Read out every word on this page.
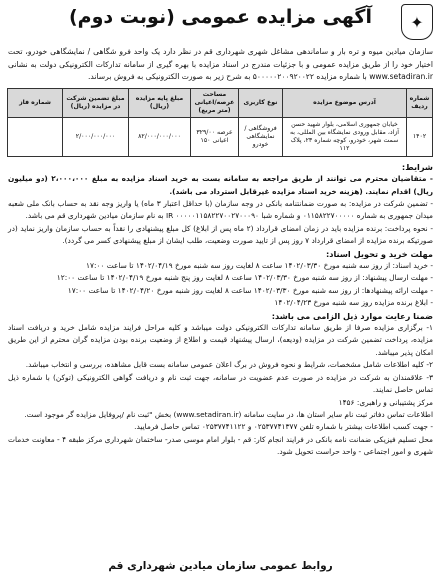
✦
آگهی مزایده عمومی (نوبت دوم)
سازمان میادین میوه و تره بار و ساماندهی مشاغل شهری شهرداری قم در نظر دارد یک واحد فرو شگاهی / نمایشگاهی خودرو، تحت اختیار خود را از طریق مزایده عمومی و با جزئیات مندرج در اسناد مزایده با بهره گیری از سامانه تدارکات الکترونیکی دولت به نشانی www.setadiran.ir با شماره مزایده ۵۰۰۰۰۰۲۰۰۹۲۰۰۲۲ به شرح زیر به صورت الکترونیکی به فروش برساند.
شماره ردیف	آدرس موضوع مزایده	نوع کاربری	مساحت عرصه/اعیانی (متر مربع)	مبلغ پایه مزایده (ریال)	مبلغ تضمین شرکت در مزایده (ریال)	شماره فاز
۱۴۰۲	خیابان جمهوری اسلامی، بلوار شهید حسن آزاد، مقابل ورودی نمایشگاه بین المللی، به سمت شهر، خودرو، کوچه شماره ۲۳، پلاک ۱۱۲	فروشگاهی / نمایشگاهی خودرو	عرصه ۳۲۹/۰۰ اعیانی ۱۵۰	۸۲/۰۰۰/۰۰۰/۰۰۰	۲/۰۰۰/۰۰۰/۰۰۰	

شرایط:

- متقاضیان محترم می توانند از طریق مراجعه به سامانه بست به خرید اسناد مزایده به مبلغ ۲،۰۰۰،۰۰۰ (دو میلیون ریال) اقدام نمایند. (هزینه خرید اسناد مزایده غیرقابل استرداد می باشد).

- تضمین شرکت در مزایده: به صورت ضمانتنامه بانکی در وجه سازمان (با حداقل اعتبار ۳ ماه) یا واریز وجه نقد به حساب بانک ملی شعبه میدان جمهوری به شماره ۰۱۱۵۸۲۲۷۰۰۰۰۰ و شماره شبا ۰۰۰۰۰۱۱۵۸۲۲۷۰۰۲۷۰۰۰۹۰ IR به نام سازمان میادین شهرداری قم می باشد.

- نحوه پرداخت: برنده مزایده باید در زمان امضای قرارداد (۲ ماه پس از ابلاغ) کل مبلغ پیشنهادی را نقداً به حساب سازمان واریز نماید (در صورتیکه برنده مزایده از امضای قرارداد ۷ روز پس از تایید صورت وضعیت، طلب ایشان از مبلغ پیشنهادی کسر می گردد).

مهلت خرید و تحویل اسناد:

- خرید اسناد: از روز سه شنبه مورخ ۱۴۰۲/۰۳/۳۰ ساعت ۸ لغایت روز سه شنبه مورخ ۱۴۰۲/۰۴/۱۹ تا ساعت ۱۷:۰۰

- مهلت ارسال پیشنهاد: از روز سه شنبه مورخ ۱۴۰۲/۰۳/۳۰ ساعت ۸ لغایت روز پنج شنبه مورخ ۱۴۰۲/۰۴/۱۹ تا ساعت ۱۲:۰۰

- مهلت ارائه پیشنهادها: از روز سه شنبه مورخ ۱۴۰۲/۰۳/۳۰ ساعت ۸ لغایت روز شنبه مورخ ۱۴۰۲/۰۴/۲۰ تا ساعت ۱۷:۰۰

- ابلاغ برنده مزایده روز سه شنبه مورخ ۱۴۰۲/۰۴/۲۳

ضمنا رعایت موارد ذیل الزامی می باشد:

۱- برگزاری مزایده صرفا از طریق سامانه تدارکات الکترونیکی دولت میباشد و کلیه مراحل فرایند مزایده شامل خرید و دریافت اسناد مزایده، پرداخت تضمین شرکت در مزایده (ودیعه)، ارسال پیشنهاد قیمت و اطلاع از وضعیت برنده بودن مزایده گران محترم از این طریق امکان پذیر میباشد.

۲- کلیه اطلاعات شامل مشخصات، شرایط و نحوه فروش در برگ اعلان عمومی سامانه بست قابل مشاهده، بررسی و انتخاب میباشد.

۳- علاقمندان به شرکت در مزایده در صورت عدم عضویت در سامانه، جهت ثبت نام و دریافت گواهی الکترونیکی (توکن) با شماره ذیل تماس حاصل نمایند.

مرکز پشتیبانی و راهبری: ۱۴۵۶

اطلاعات تماس دفاتر ثبت نام سایر استان ها، در سایت سامانه (www.setadiran.ir) بخش "ثبت نام /پروفایل مزایده گر موجود است.

- جهت کسب اطلاعات بیشتر با شماره تلفن ۰۲۵۳۷۷۴۱۳۷۷ و ۰۲۵۳۷۷۴۱۱۲۲ تماس حاصل فرمایید.

محل تسلیم فیزیکی ضمانت نامه بانکی در فرایند انجام کار: قم - بلوار امام موسی صدر- ساختمان شهرداری مرکز طبقه ۴ - معاونت خدمات شهری و امور اجتماعی - واحد حراست تحویل شود.

روابط عمومی سازمان میادین شهرداری قم
